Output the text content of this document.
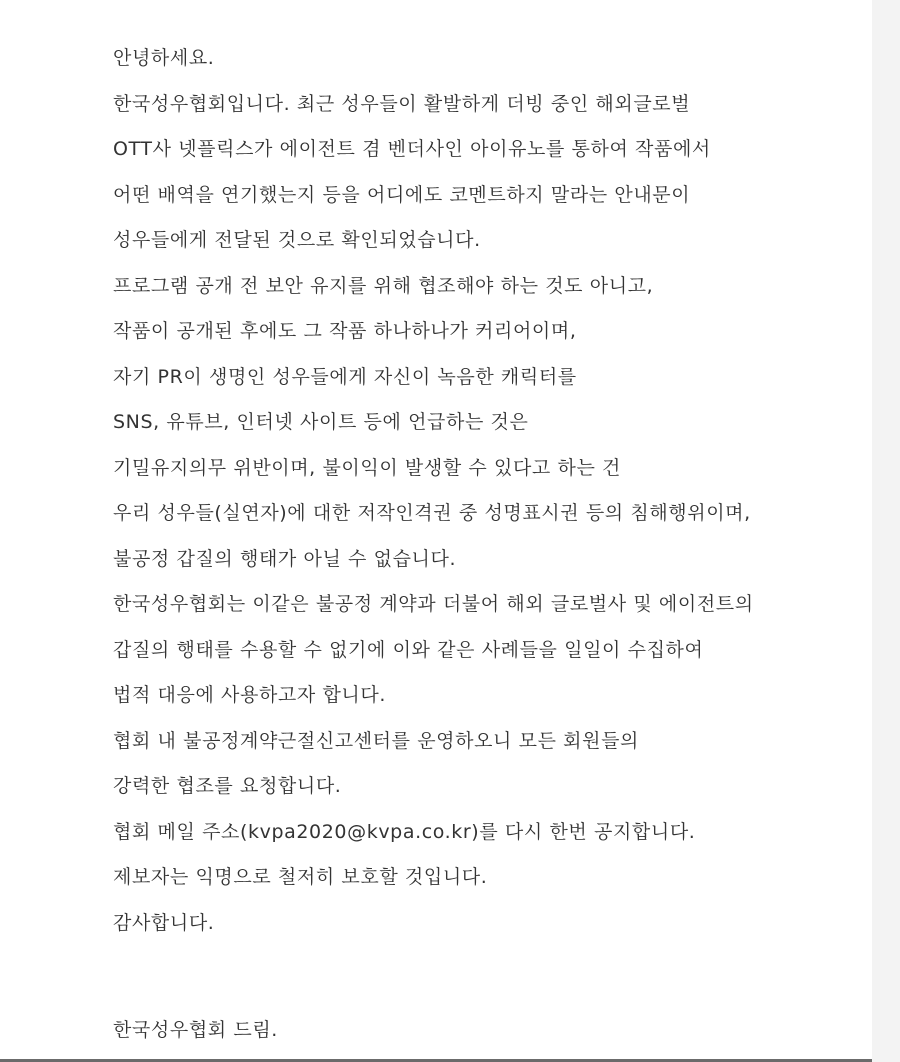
안녕하세요.
한국성우협회입니다. 최근 성우들이 활발하게 더빙 중인 해외글로벌
OTT사 넷플릭스가 에이전트 겸 벤더사인 아이유노를 통하여 작품에서
어떤 배역을 연기했는지 등을 어디에도 코멘트하지 말라는 안내문이
성우들에게 전달된 것으로 확인되었습니다.
프로그램 공개 전 보안 유지를 위해 협조해야 하는 것도 아니고,
작품이 공개된 후에도 그 작품 하나하나가 커리어이며,
자기 PR이 생명인 성우들에게 자신이 녹음한 캐릭터를
SNS, 유튜브, 인터넷 사이트 등에 언급하는 것은
기밀유지의무 위반이며, 불이익이 발생할 수 있다고 하는 건
우리 성우들(실연자)에 대한 저작인격권 중 성명표시권 등의 침해행위이며,
불공정 갑질의 행태가 아닐 수 없습니다.
한국성우협회는 이같은 불공정 계약과 더불어 해외 글로벌사 및 에이전트의
갑질의 행태를 수용할 수 없기에 이와 같은 사례들을 일일이 수집하여
법적 대응에 사용하고자 합니다.
협회 내 불공정계약근절신고센터를 운영하오니 모든 회원들의
강력한 협조를 요청합니다.
협회 메일 주소(kvpa2020@kvpa.co.kr)를 다시 한번 공지합니다.
제보자는 익명으로 철저히 보호할 것입니다.
감사합니다.
한국성우협회 드림.
